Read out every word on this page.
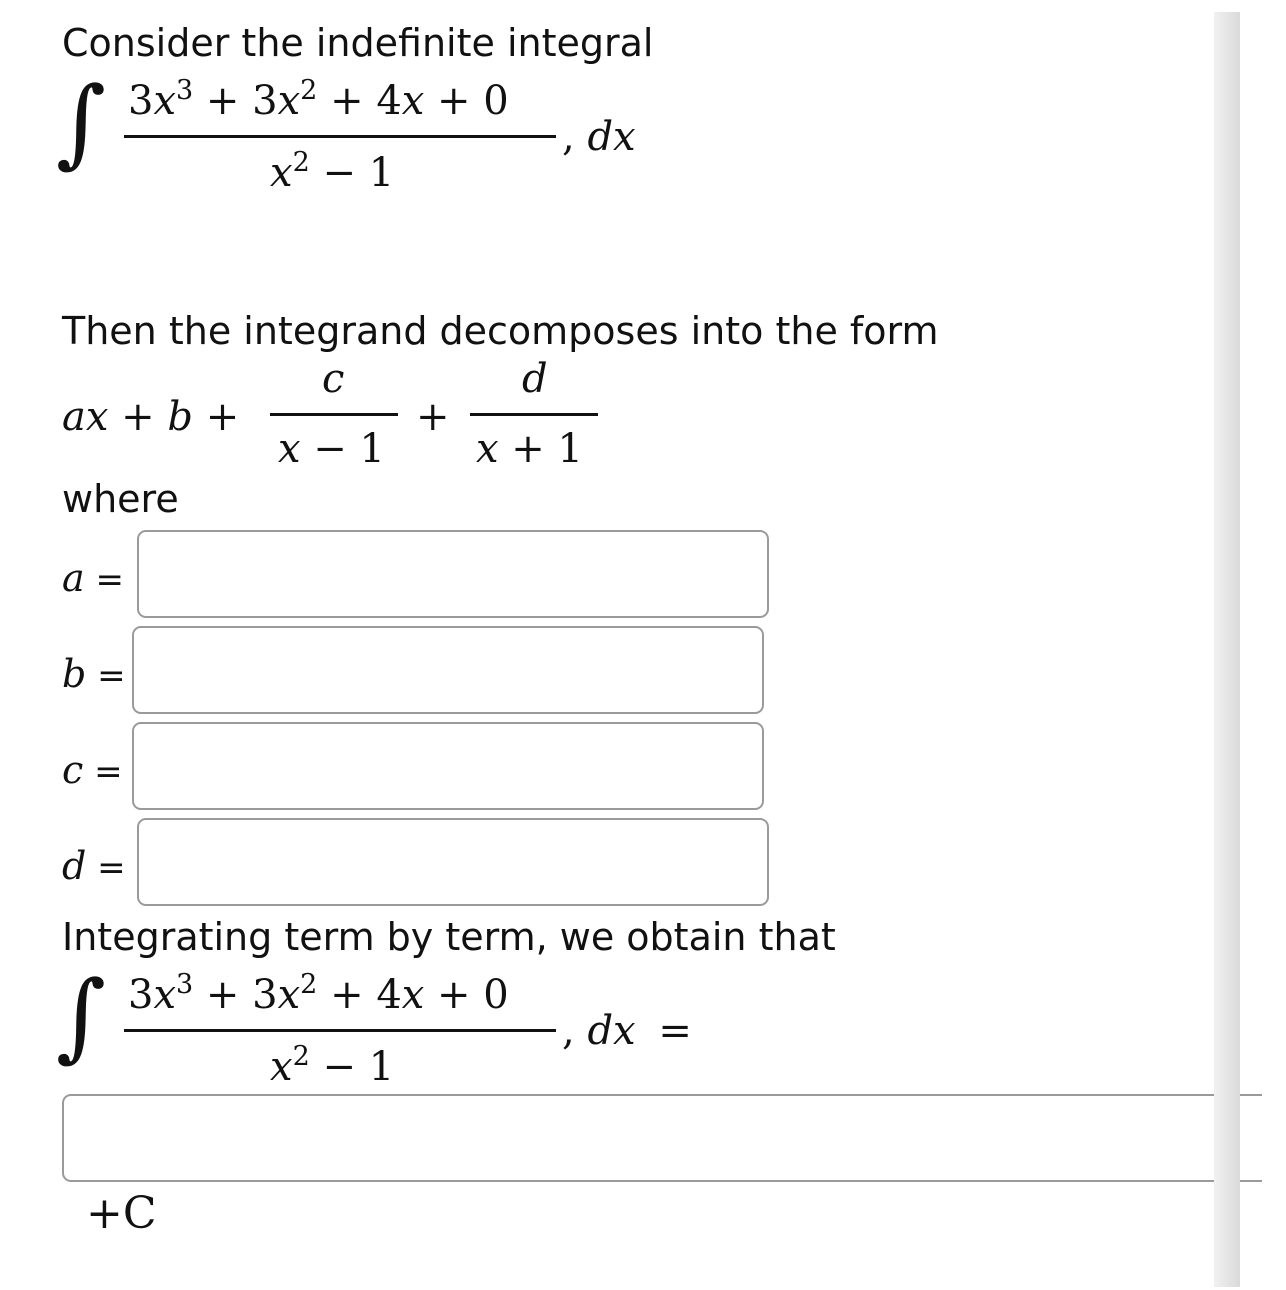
Consider the indefinite integral
∫ $3x^3 + 3x^2 + 4x + 0$
$x^2 - 1$
, dx
Then the integrand decomposes into the form
ax + b +
c
x − 1
+
d
x + 1
where
a =
b =
c =
d =
Integrating term by term, we obtain that
∫ $3x^3 + 3x^2 + 4x + 0$
$x^2 - 1$
, dx =
+C
